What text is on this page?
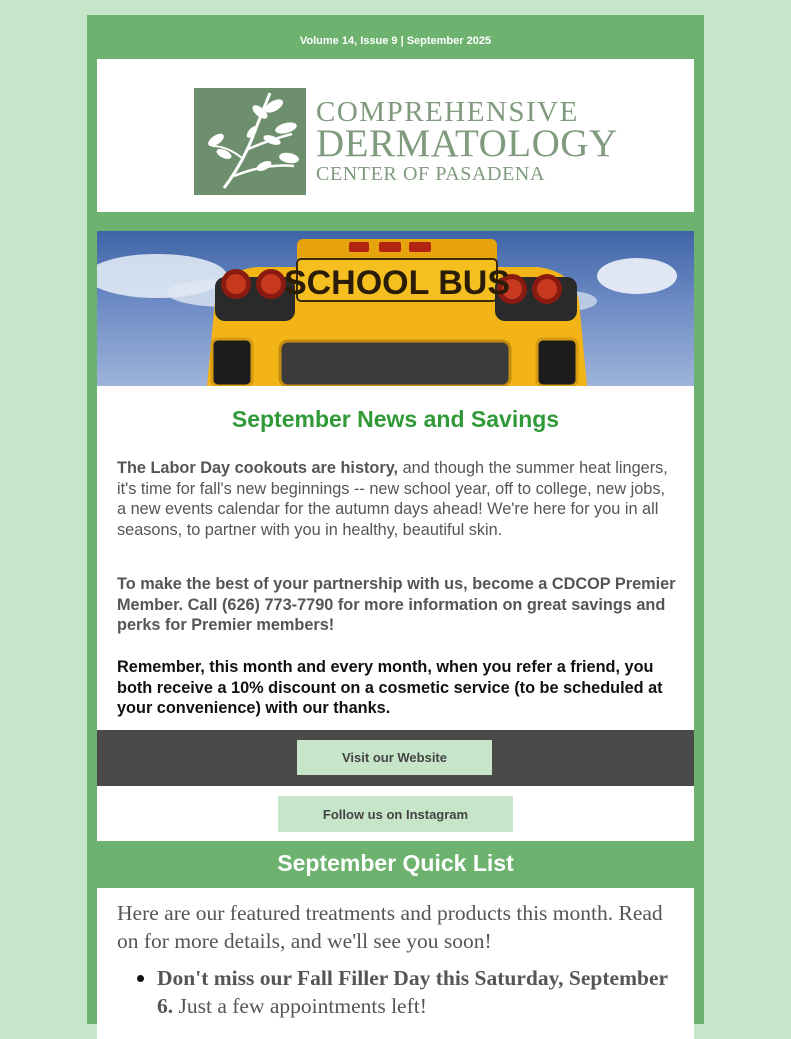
Volume 14, Issue 9 | September 2025
COMPREHENSIVE
DERMATOLOGY
CENTER OF PASADENA
SCHOOL BUS
September News and Savings
The Labor Day cookouts are history, and though the summer heat lingers, it's time for fall's new beginnings -- new school year, off to college, new jobs, a new events calendar for the autumn days ahead! We're here for you in all seasons, to partner with you in healthy, beautiful skin.
To make the best of your partnership with us, become a CDCOP Premier Member. Call (626) 773-7790 for more information on great savings and perks for Premier members!
Remember, this month and every month, when you refer a friend, you both receive a 10% discount on a cosmetic service (to be scheduled at your convenience) with our thanks.
Visit our Website
Follow us on Instagram
September Quick List
Here are our featured treatments and products this month. Read on for more details, and we'll see you soon!
Don't miss our Fall Filler Day this Saturday, September 6. Just a few appointments left!
